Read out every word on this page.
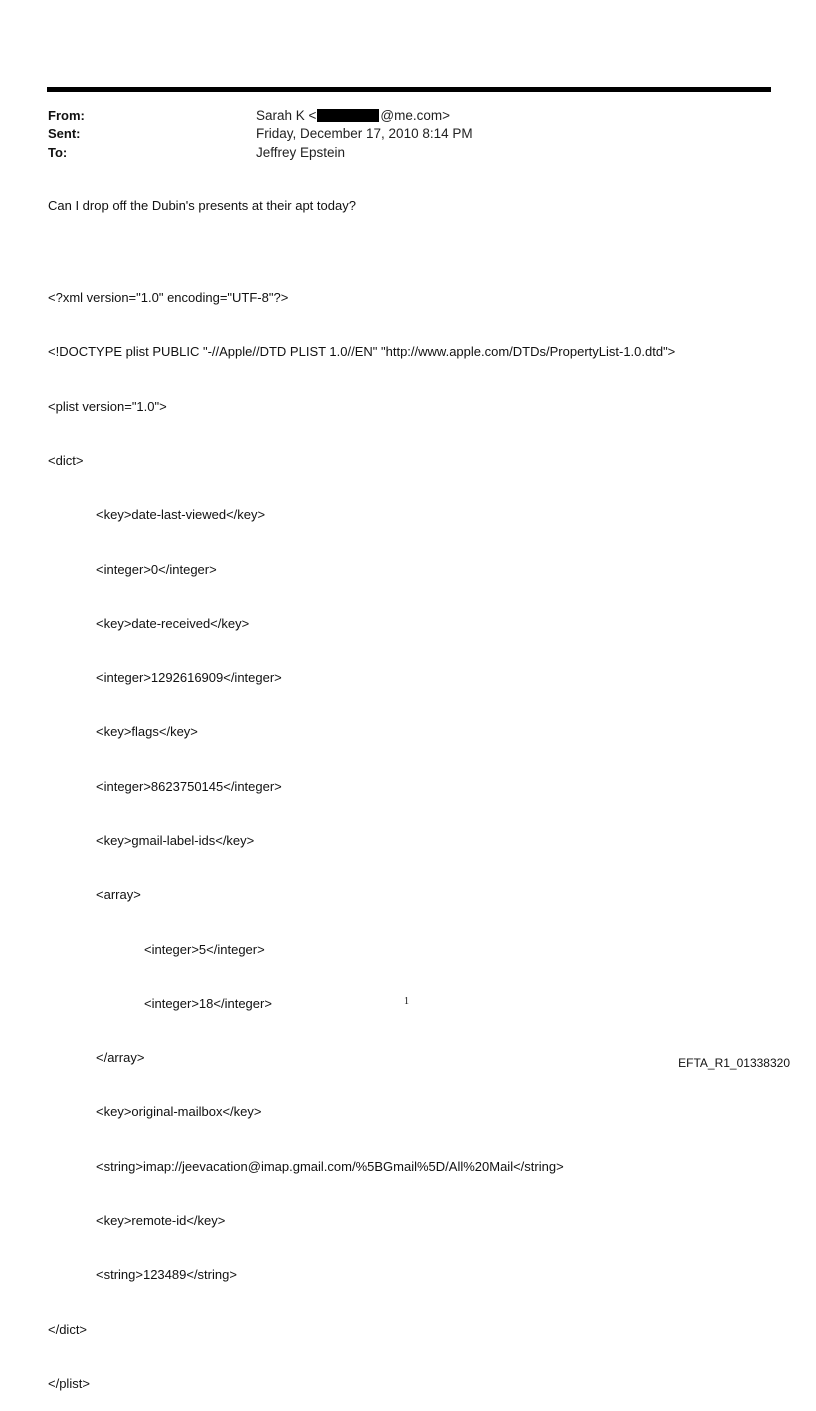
From:	Sarah K <	@me.com>
Sent:	Friday, December 17, 2010 8:14 PM
To:	Jeffrey Epstein
Can I drop off the Dubin's presents at their apt today?

<?xml version="1.0" encoding="UTF-8"?>

<!DOCTYPE plist PUBLIC "-//Apple//DTD PLIST 1.0//EN" "http://www.apple.com/DTDs/PropertyList-1.0.dtd">

<plist version="1.0">

<dict>

<key>date-last-viewed</key>

<integer>0</integer>

<key>date-received</key>

<integer>1292616909</integer>

<key>flags</key>

<integer>8623750145</integer>

<key>gmail-label-ids</key>

<array>

<integer>5</integer>

<integer>18</integer>

</array>

<key>original-mailbox</key>

<string>imap://jeevacation@imap.gmail.com/%5BGmail%5D/All%20Mail</string>

<key>remote-id</key>

<string>123489</string>

</dict>

</plist>

1
EFTA_R1_01338320
